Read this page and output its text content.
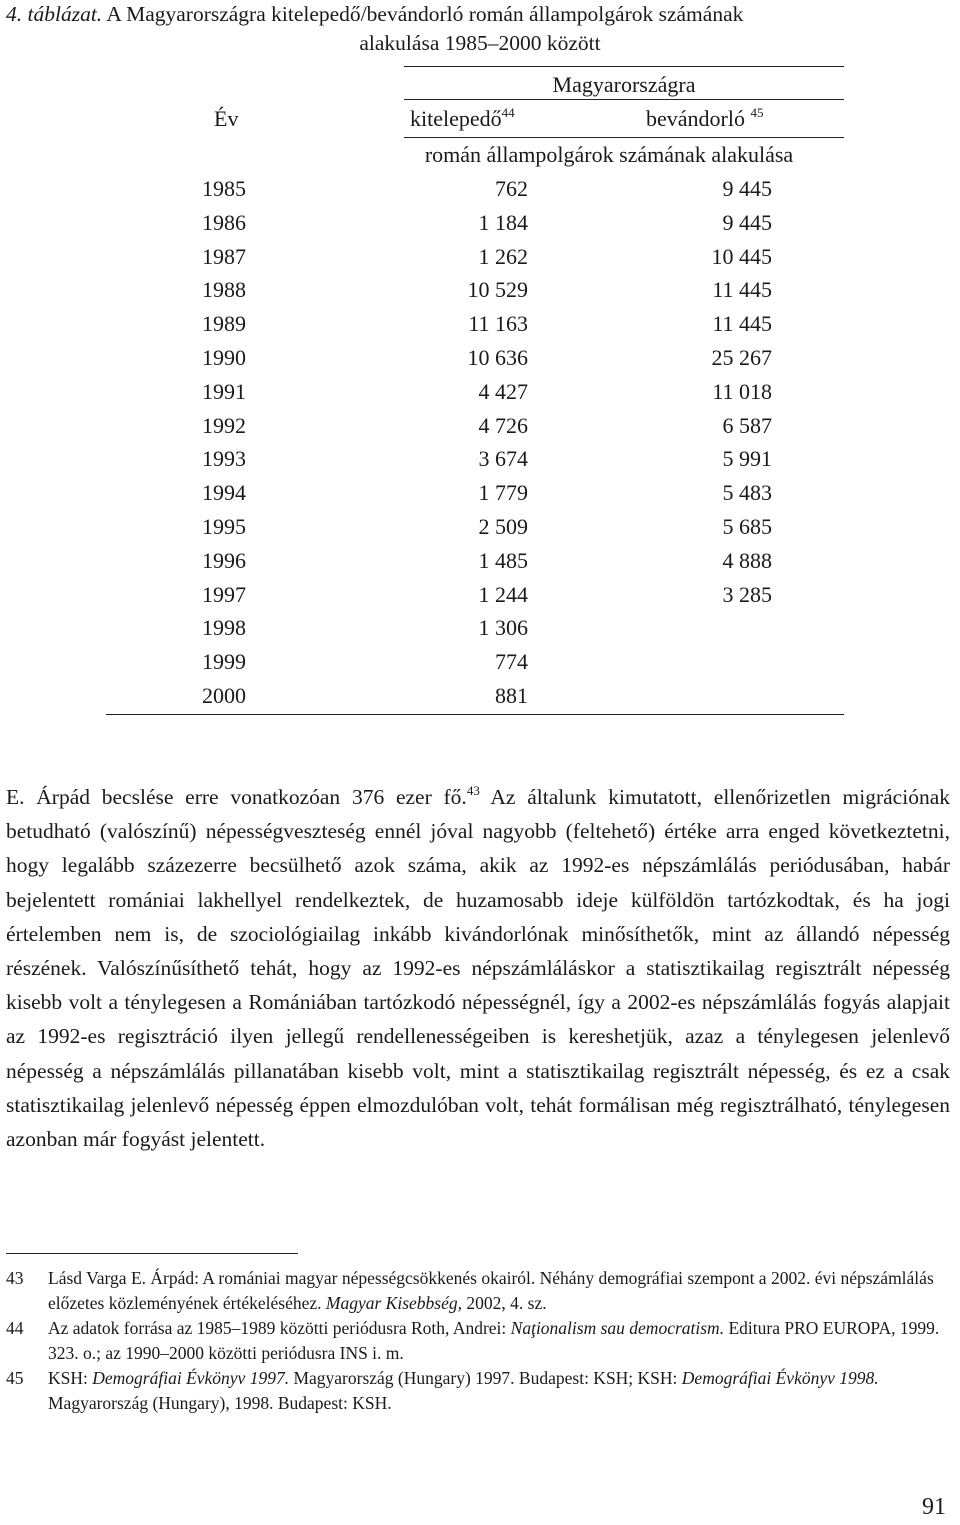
4. táblázat. A Magyarországra kitelepedő/bevándorló román állampolgárok számának
alakulása 1985–2000 között
Magyarországra
Év	kitelepedő$^{44}$	bevándorló $^{45}$
román állampolgárok számának alakulása
1985	762	9 445
1986	1 184	9 445
1987	1 262	10 445
1988	10 529	11 445
1989	11 163	11 445
1990	10 636	25 267
1991	4 427	11 018
1992	4 726	6 587
1993	3 674	5 991
1994	1 779	5 483
1995	2 509	5 685
1996	1 485	4 888
1997	1 244	3 285
1998	1 306
1999	774
2000	881
E. Árpád becslése erre vonatkozóan 376 ezer fő.$^{43}$ Az általunk kimutatott, ellenőrizetlen migrációnak betudható (valószínű) népességveszteség ennél jóval nagyobb (feltehető) értéke arra enged következtetni, hogy legalább százezerre becsülhető azok száma, akik az 1992-es népszámlálás periódusában, habár bejelentett romániai lakhellyel rendelkeztek, de huzamosabb ideje külföldön tartózkodtak, és ha jogi értelemben nem is, de szociológiailag inkább kivándorlónak minősíthetők, mint az állandó népesség részének. Valószínűsíthető tehát, hogy az 1992-es népszámláláskor a statisztikailag regisztrált népesség kisebb volt a ténylegesen a Romániában tartózkodó népességnél, így a 2002-es népszámlálás fogyás alapjait az 1992-es regisztráció ilyen jellegű rendellenességeiben is kereshetjük, azaz a ténylegesen jelenlevő népesség a népszámlálás pillanatában kisebb volt, mint a statisztikailag regisztrált népesség, és ez a csak statisztikailag jelenlevő népesség éppen elmozdulóban volt, tehát formálisan még regisztrálható, ténylegesen azonban már fogyást jelentett.
43 Lásd Varga E. Árpád: A romániai magyar népességcsökkenés okairól. Néhány demográfiai szempont a 2002. évi népszámlálás előzetes közleményének értékeléséhez. Magyar Kisebbség, 2002, 4. sz.
44 Az adatok forrása az 1985–1989 közötti periódusra Roth, Andrei: Naţionalism sau democratism. Editura PRO EUROPA, 1999. 323. o.; az 1990–2000 közötti periódusra INS i. m.
45 KSH: Demográfiai Évkönyv 1997. Magyarország (Hungary) 1997. Budapest: KSH; KSH: Demográfiai Évkönyv 1998. Magyarország (Hungary), 1998. Budapest: KSH.
91
